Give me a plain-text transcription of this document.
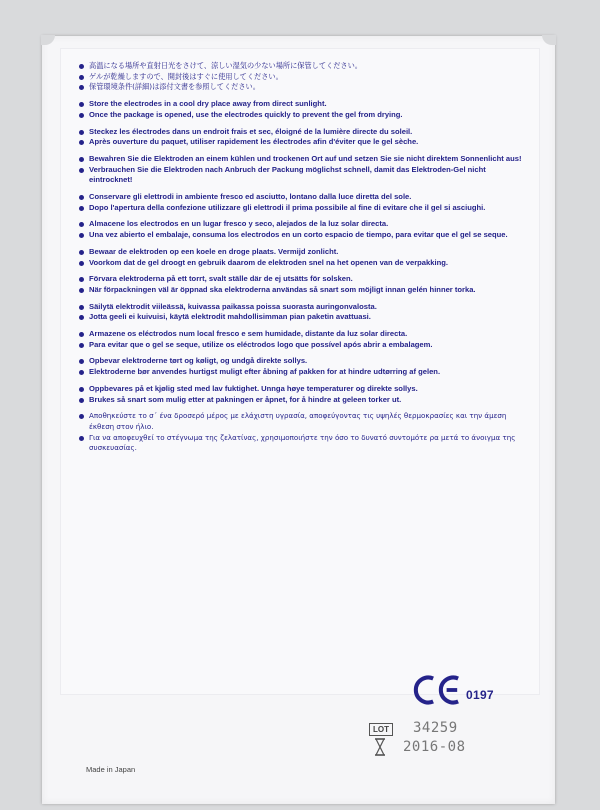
高温になる場所や直射日光をさけて、涼しい湿気の少ない場所に保管してください。
ゲルが乾燥しますので、開封後はすぐに使用してください。
保管環境条件(詳細)は添付文書を参照してください。
Store the electrodes in a cool dry place away from direct sunlight.
Once the package is opened, use the electrodes quickly to prevent the gel from drying.
Steckez les électrodes dans un endroit frais et sec, éloigné de la lumière directe du soleil.
Après ouverture du paquet, utiliser rapidement les électrodes afin d'éviter que le gel sèche.
Bewahren Sie die Elektroden an einem kühlen und trockenen Ort auf und setzen Sie sie nicht direktem Sonnenlicht aus!
Verbrauchen Sie die Elektroden nach Anbruch der Packung möglichst schnell, damit das Elektroden-Gel nicht eintrocknet!
Conservare gli elettrodi in ambiente fresco ed asciutto, lontano dalla luce diretta del sole.
Dopo l'apertura della confezione utilizzare gli elettrodi il prima possibile al fine di evitare che il gel si asciughi.
Almacene los electrodos en un lugar fresco y seco, alejados de la luz solar directa.
Una vez abierto el embalaje, consuma los electrodos en un corto espacio de tiempo, para evitar que el gel se seque.
Bewaar de elektroden op een koele en droge plaats. Vermijd zonlicht.
Voorkom dat de gel droogt en gebruik daarom de elektroden snel na het openen van de verpakking.
Förvara elektroderna på ett torrt, svalt ställe där de ej utsätts för solsken.
När förpackningen väl är öppnad ska elektroderna användas så snart som möjligt innan gelén hinner torka.
Säilytä elektrodit viileässä, kuivassa paikassa poissa suorasta auringonvalosta.
Jotta geeli ei kuivuisi, käytä elektrodit mahdollisimman pian paketin avattuasi.
Armazene os eléctrodos num local fresco e sem humidade, distante da luz solar directa.
Para evitar que o gel se seque, utilize os eléctrodos logo que possível após abrir a embalagem.
Opbevar elektroderne tørt og køligt, og undgå direkte sollys.
Elektroderne bør anvendes hurtigst muligt efter åbning af pakken for at hindre udtørring af gelen.
Oppbevares på et kjølig sted med lav fuktighet. Unnga høye temperaturer og direkte sollys.
Brukes så snart som mulig etter at pakningen er åpnet, for å hindre at geleen torker ut.
Αποθηκεύστε το σ΄ ένα δροσερό μέρος με ελάχιστη υγρασία, αποφεύγοντας τις υψηλές θερμοκρασίες και την άμεση έκθεση στον ήλιο.
Για να αποφευχθεί το στέγνωμα της ζελατίνας, χρησιμοποιήστε την όσο το δυνατό συντομότε ρα μετά το άνοιγμα της συσκευασίας.
0197
LOT 34259
2016-08
Made in Japan
